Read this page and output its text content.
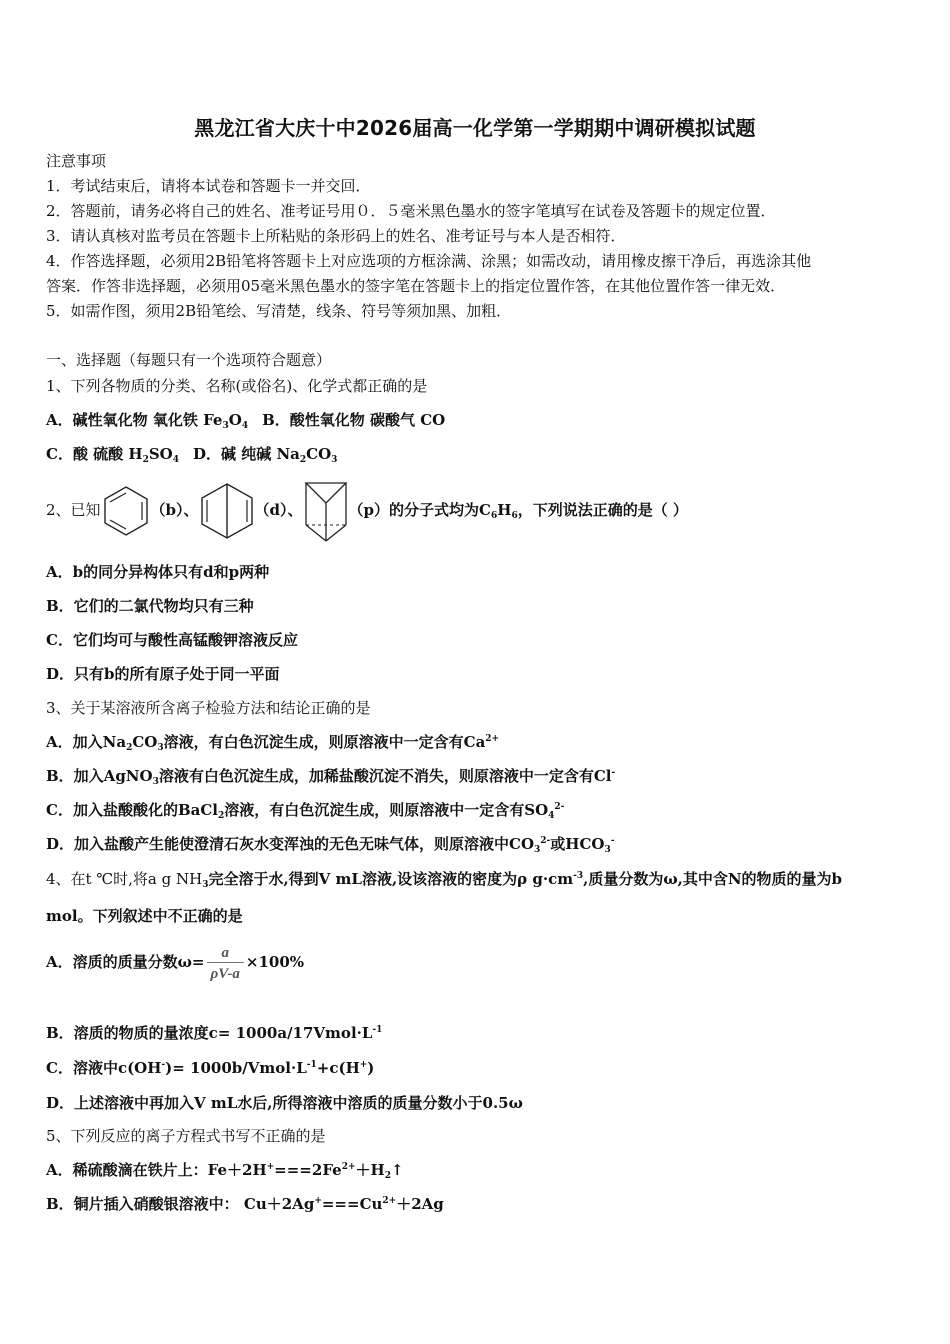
黑龙江省大庆十中2026届高一化学第一学期期中调研模拟试题
注意事项
1．考试结束后，请将本试卷和答题卡一并交回．
2．答题前，请务必将自己的姓名、准考证号用０．５毫米黑色墨水的签字笔填写在试卷及答题卡的规定位置．
3．请认真核对监考员在答题卡上所粘贴的条形码上的姓名、准考证号与本人是否相符．
4．作答选择题，必须用2B铅笔将答题卡上对应选项的方框涂满、涂黑；如需改动，请用橡皮擦干净后，再选涂其他
答案．作答非选择题，必须用05毫米黑色墨水的签字笔在答题卡上的指定位置作答，在其他位置作答一律无效．
5．如需作图，须用2B铅笔绘、写清楚，线条、符号等须加黑、加粗．
一、选择题（每题只有一个选项符合题意）
1、下列各物质的分类、名称(或俗名)、化学式都正确的是
A．碱性氧化物 氧化铁 $Fe_3O_4$ B．酸性氧化物 碳酸气 CO
C．酸 硫酸 $H_2SO_4$ D．碱 纯碱 $Na_2CO_3$
2、已知	（b）、	（d）、	（p）的分子式均为$C_6H_6$，下列说法正确的是（ ）
A．b的同分异构体只有d和p两种
B．它们的二氯代物均只有三种
C．它们均可与酸性高锰酸钾溶液反应
D．只有b的所有原子处于同一平面
3、关于某溶液所含离子检验方法和结论正确的是
A．加入$Na_2CO_3$溶液，有白色沉淀生成，则原溶液中一定含有$Ca^{2+}$
B．加入AgNO$_3$溶液有白色沉淀生成，加稀盐酸沉淀不消失，则原溶液中一定含有Cl-
C．加入盐酸酸化的BaCl$_2$溶液，有白色沉淀生成，则原溶液中一定含有$SO_4^{2-}$
D．加入盐酸产生能使澄清石灰水变浑浊的无色无味气体，则原溶液中$CO_3^{2-}$或$HCO_3^-$
4、在t ℃时,将a g $NH_3$完全溶于水,得到V mL溶液,设该溶液的密度为ρ $g\cdot cm^{-3}$,质量分数为ω,其中含N的物质的量为b
mol。下列叙述中不正确的是
A．溶质的质量分数$\omega= \frac{a}{\rho V-a} \times 100\%$
B．溶质的物质的量浓度$c= 1000a/17Vmol\cdot L^{-1}$
C．溶液中$c(OH^-)= 1000b/Vmol\cdot L^{-1}+c(H^+)$
D．上述溶液中再加入V mL水后,所得溶液中溶质的质量分数小于0.5ω
5、下列反应的离子方程式书写不正确的是
A．稀硫酸滴在铁片上：$Fe+2H^+===2Fe^{2+}+H_2↑$
B．铜片插入硝酸银溶液中： $Cu+2Ag^+===Cu^{2+}+2Ag$
